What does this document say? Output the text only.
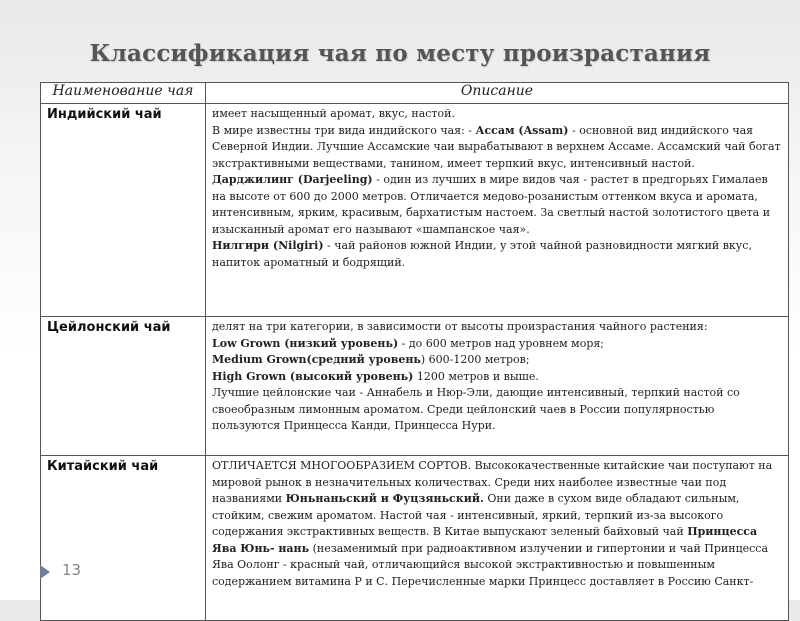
Классификация чая по месту произрастания
Наименование чая	Описание
Индийский чай	имеет насыщенный аромат, вкус, настой.
В мире известны три вида индийского чая: - Ассам (Assam) - основной вид индийского чая Северной Индии. Лучшие Ассамские чаи вырабатывают в верхнем Ассаме. Ассамский чай богат экстрактивными веществами, танином, имеет терпкий вкус, интенсивный настой.
Дарджилинг (Darjeeling) - один из лучших в мире видов чая - растет в предгорьях Гималаев на высоте от 600 до 2000 метров. Отличается медово-розанистым оттенком вкуса и аромата, интенсивным, ярким, красивым, бархатистым настоем. За светлый настой золотистого цвета и изысканный аромат его называют «шампанское чая».
Нилгири (Nilgiri) - чай районов южной Индии, у этой чайной разновидности мягкий вкус, напиток ароматный и бодрящий.

Цейлонский чай	делят на три категории, в зависимости от высоты произрастания чайного растения:
Low Grown (низкий уровень) - до 600 метров над уровнем моря;
Medium Grown(средний уровень) 600-1200 метров;
High Grown (высокий уровень) 1200 метров и выше.
Лучшие цейлонские чаи - Аннабель и Нюр-Эли, дающие интенсивный, терпкий настой со своеобразным лимонным ароматом. Среди цейлонский чаев в России популярностью пользуются Принцесса Канди, Принцесса Нури.

Китайский чай	ОТЛИЧАЕТСЯ МНОГООБРАЗИЕМ СОРТОВ. Высококачественные китайские чаи поступают на мировой рынок в незначительных количествах. Среди них наиболее известные чаи под названиями Юньнаньский и Фуцзяньский. Они даже в сухом виде обладают сильным, стойким, свежим ароматом. Настой чая - интенсивный, яркий, терпкий из-за высокого содержания экстрактивных веществ. В Китае выпускают зеленый байховый чай Принцесса Ява Юнь- нань (незаменимый при радиоактивном излучении и гипертонии и чай Принцесса Ява Оолонг - красный чай, отличающийся высокой экстрактивностью и повышенным содержанием витамина Р и С. Перечисленные марки Принцесс доставляет в Россию Санкт-
13
